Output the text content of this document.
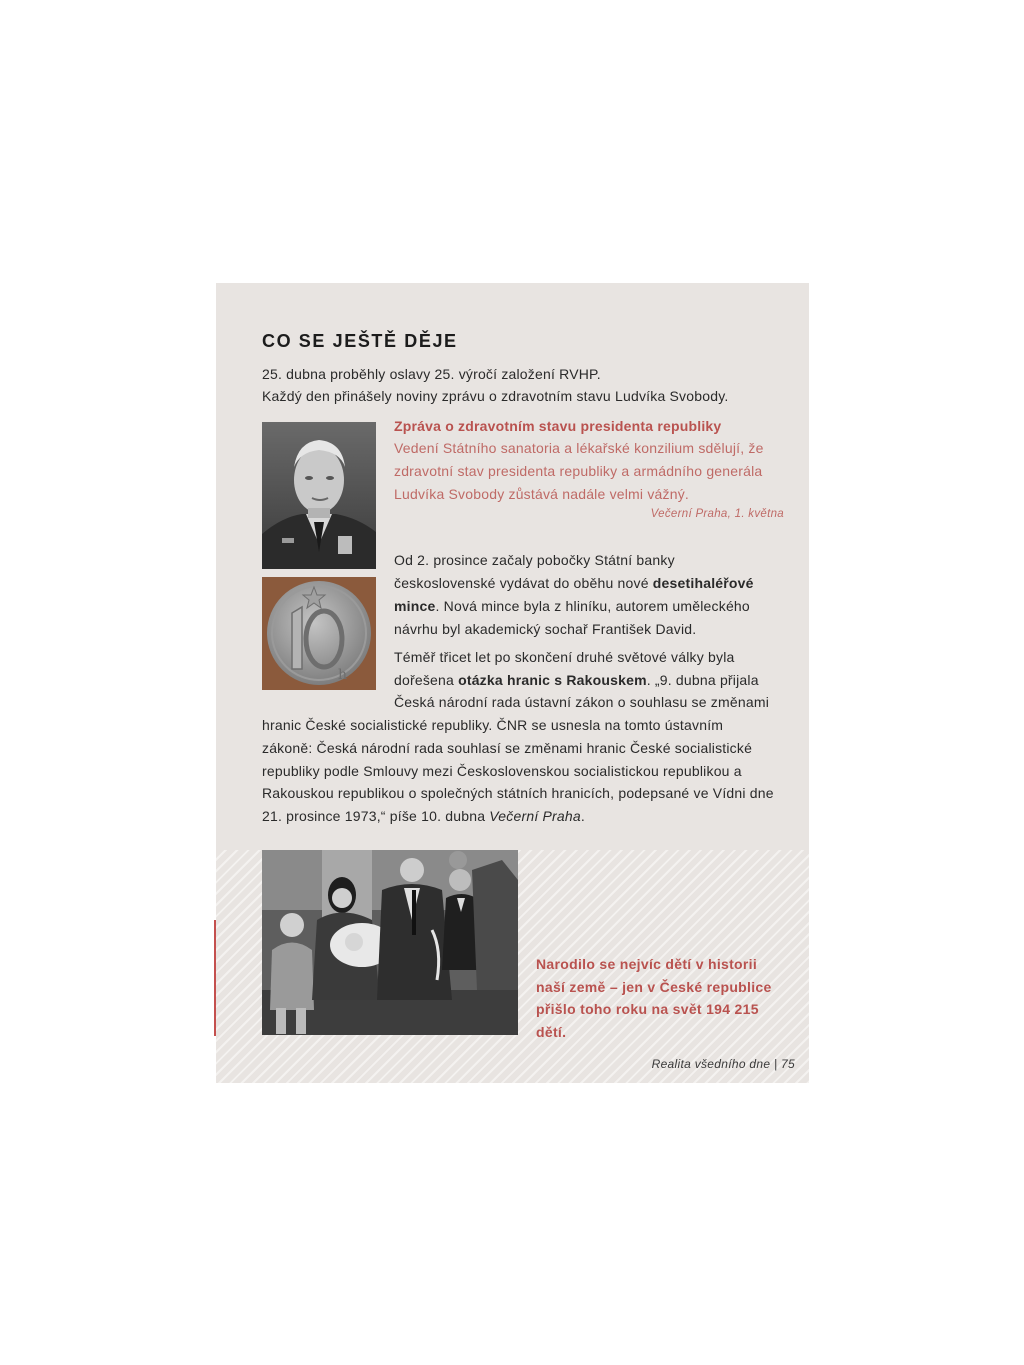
CO SE JEŠTĚ DĚJE

25. dubna proběhly oslavy 25. výročí založení RVHP.
Každý den přinášely noviny zprávu o zdravotním stavu Ludvíka Svobody.

h

Zpráva o zdravotním stavu presidenta republiky

Vedení Státního sanatoria a lékařské konzilium sdělují, že zdravotní stav presidenta republiky a armádního generála Ludvíka Svobody zůstává nadále velmi vážný.

Večerní Praha, 1. května

Od 2. prosince začaly pobočky Státní banky československé vydávat do oběhu nové desetihaléřové mince. Nová mince byla z hliníku, autorem uměleckého návrhu byl akademický sochař František David.

Téměř třicet let po skončení druhé světové války byla dořešena otázka hranic s Rakouskem. „9. dubna přijala Česká národní rada ústavní zákon o souhlasu se změnami hranic České socialistické republiky. ČNR se usnesla na tomto ústavním zákoně: Česká národní rada souhlasí se změnami hranic České socialistické republiky podle Smlouvy mezi Československou socialistickou republikou a Rakouskou republikou o společných státních hranicích, podepsané ve Vídni dne 21. prosince 1973,“ píše 10. dubna Večerní Praha.

Narodilo se nejvíc dětí v historii naší země – jen v České republice přišlo toho roku na svět 194 215 dětí.

Realita všedního dne | 75
